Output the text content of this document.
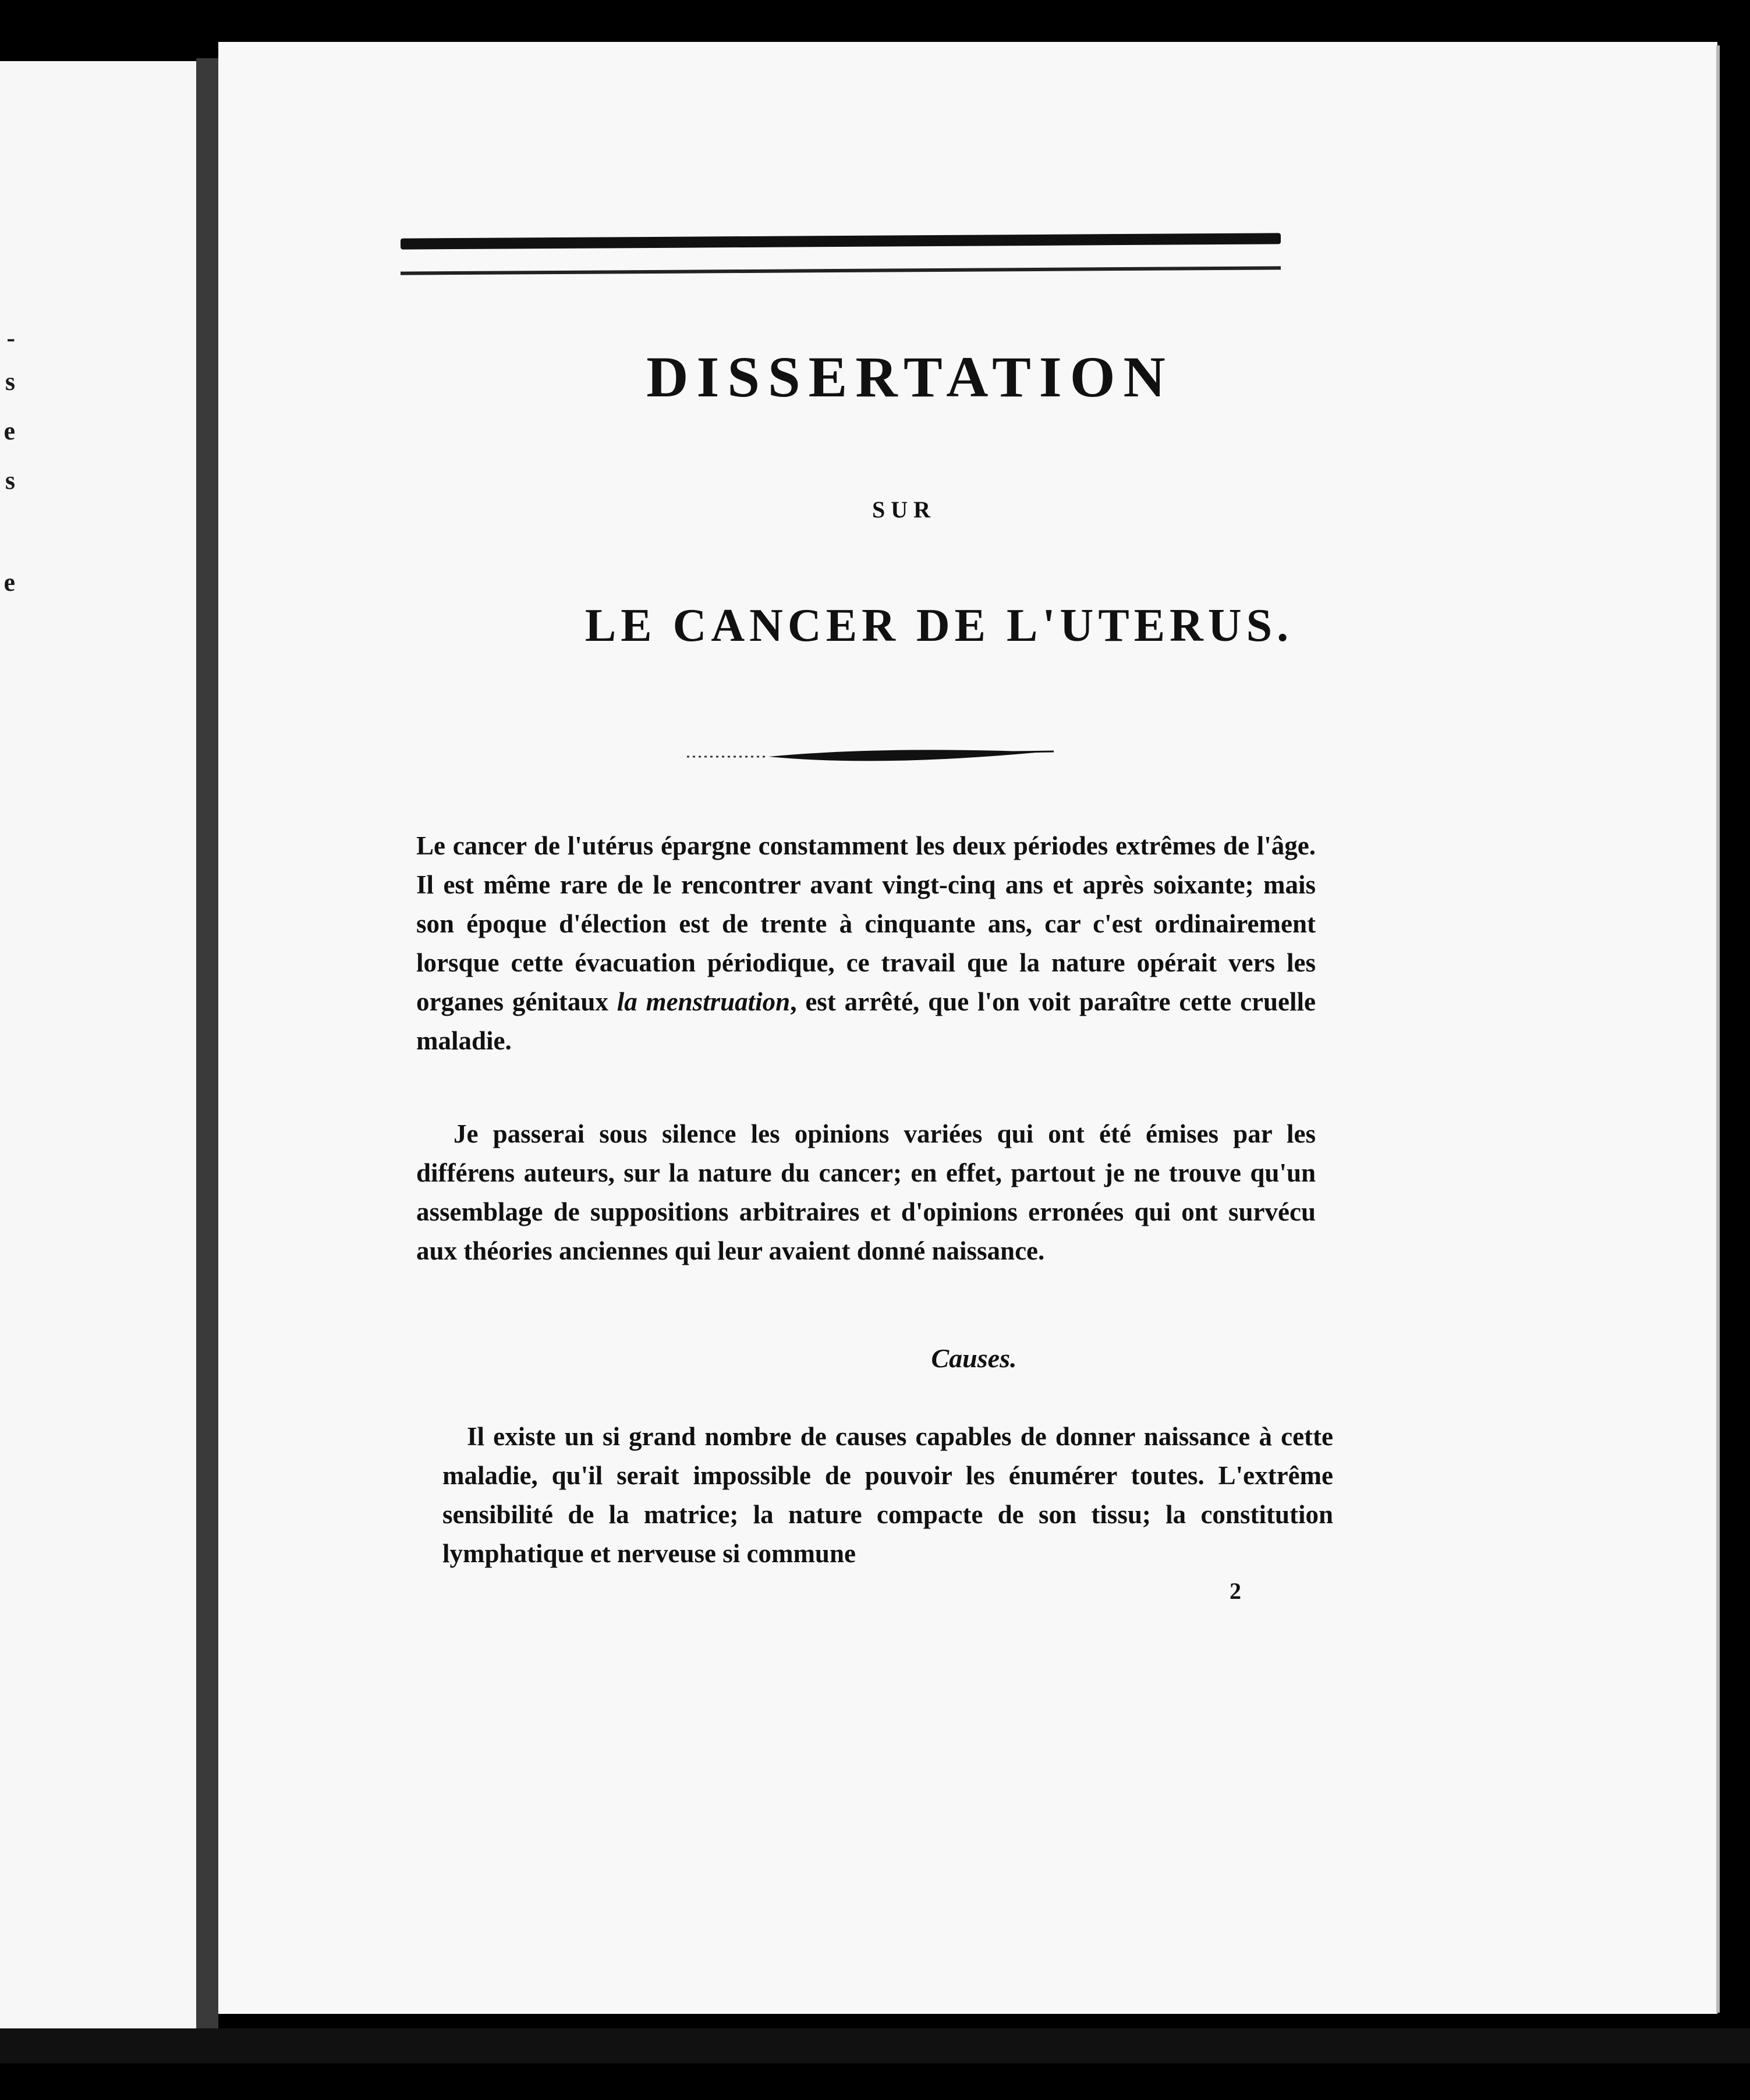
-
s
e
s
e
DISSERTATION
SUR
LE CANCER DE L'UTERUS.

Le cancer de l'utérus épargne constamment les deux périodes extrêmes de l'âge. Il est même rare de le rencontrer avant vingt-cinq ans et après soixante; mais son époque d'élection est de trente à cinquante ans, car c'est ordinairement lorsque cette évacuation périodique, ce travail que la nature opérait vers les organes génitaux la menstruation, est arrêté, que l'on voit paraître cette cruelle maladie.

Je passerai sous silence les opinions variées qui ont été émises par les différens auteurs, sur la nature du cancer; en effet, partout je ne trouve qu'un assemblage de suppositions arbitraires et d'opinions erronées qui ont survécu aux théories anciennes qui leur avaient donné naissance.

Causes.

Il existe un si grand nombre de causes capables de donner naissance à cette maladie, qu'il serait impossible de pouvoir les énumérer toutes. L'extrême sensibilité de la matrice; la nature compacte de son tissu; la constitution lymphatique et nerveuse si commune

2
